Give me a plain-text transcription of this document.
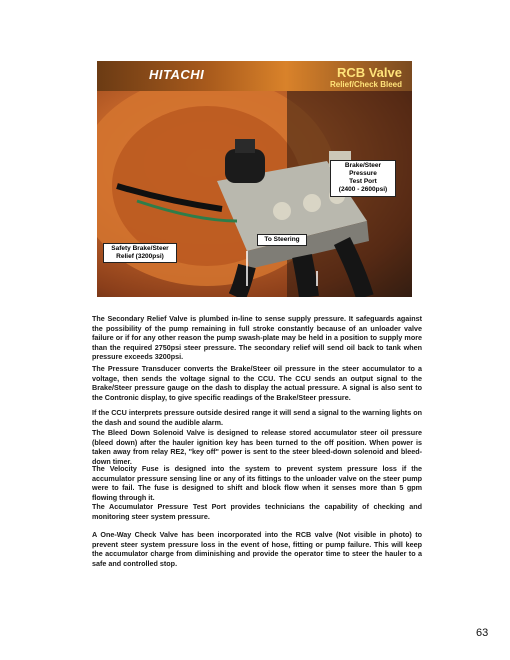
HITACHI	RCB Valve
Relief/Check Bleed
Brake/Steer
Pressure
Test Port
(2400 - 2600psi)
To Steering
Safety Brake/Steer
Relief (3200psi)

The Secondary Relief Valve is plumbed in-line to sense supply pressure. It safeguards against the possibility of the pump remaining in full stroke constantly because of an unloader valve failure or if for any other reason the pump swash-plate may be held in a position to supply more than the required 2750psi steer pressure. The secondary relief will send oil back to tank when pressure exceeds 3200psi.

The Pressure Transducer converts the Brake/Steer oil pressure in the steer accumulator to a voltage, then sends the voltage signal to the CCU. The CCU sends an output signal to the Brake/Steer pressure gauge on the dash to display the actual pressure. A signal is also sent to the Contronic display, to give specific readings of the Brake/Steer pressure.

If the CCU interprets pressure outside desired range it will send a signal to the warning lights on the dash and sound the audible alarm.

The Bleed Down Solenoid Valve is designed to release stored accumulator steer oil pressure (bleed down) after the hauler ignition key has been turned to the off position. When power is taken away from relay RE2, "key off" power is sent to the steer bleed-down solenoid and bleed-down timer.

The Velocity Fuse is designed into the system to prevent system pressure loss if the accumulator pressure sensing line or any of its fittings to the unloader valve on the steer pump were to fail. The fuse is designed to shift and block flow when it senses more than 5 gpm flowing through it.

The Accumulator Pressure Test Port provides technicians the capability of checking and monitoring steer system pressure.

A One-Way Check Valve has been incorporated into the RCB valve (Not visible in photo) to prevent steer system pressure loss in the event of hose, fitting or pump failure. This will keep the accumulator charge from diminishing and provide the operator time to steer the hauler to a safe and controlled stop.

63
